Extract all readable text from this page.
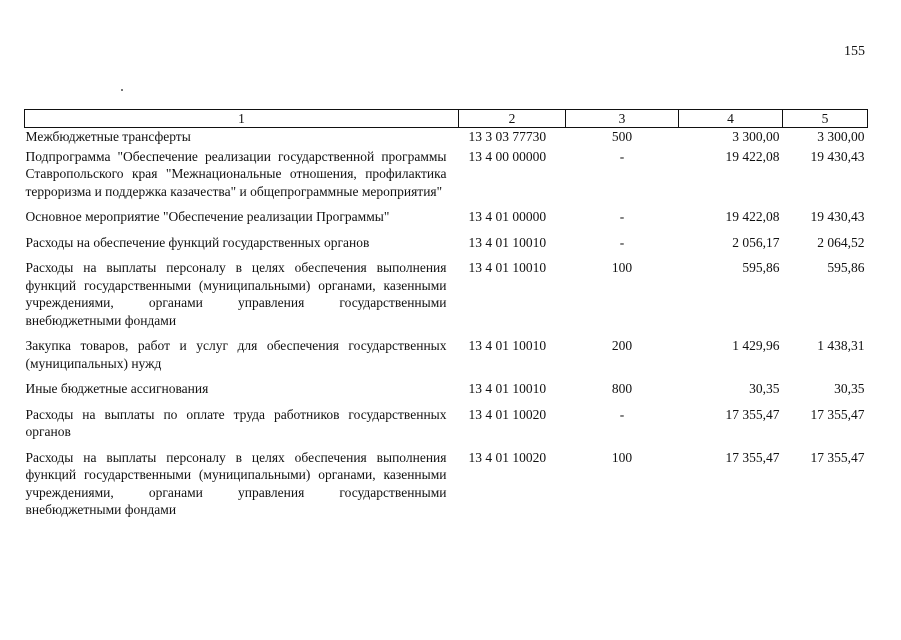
155
1	2	3	4	5
Межбюджетные трансферты	13 3 03 77730	500	3 300,00	3 300,00
Подпрограмма "Обеспечение реализации государственной программы Ставропольского края "Межнациональные отношения, профилактика терроризма и поддержка казачества" и общепрограммные мероприятия"	13 4 00 00000	-	19 422,08	19 430,43
Основное мероприятие "Обеспечение реализации Программы"	13 4 01 00000	-	19 422,08	19 430,43
Расходы на обеспечение функций государственных органов	13 4 01 10010	-	2 056,17	2 064,52
Расходы на выплаты персоналу в целях обеспечения выполнения функций государственными (муниципальными) органами, казенными учреждениями, органами управления государственными внебюджетными фондами	13 4 01 10010	100	595,86	595,86
Закупка товаров, работ и услуг для обеспечения государственных (муниципальных) нужд	13 4 01 10010	200	1 429,96	1 438,31
Иные бюджетные ассигнования	13 4 01 10010	800	30,35	30,35
Расходы на выплаты по оплате труда работников государственных органов	13 4 01 10020	-	17 355,47	17 355,47
Расходы на выплаты персоналу в целях обеспечения выполнения функций государственными (муниципальными) органами, казенными учреждениями, органами управления государственными внебюджетными фондами	13 4 01 10020	100	17 355,47	17 355,47
